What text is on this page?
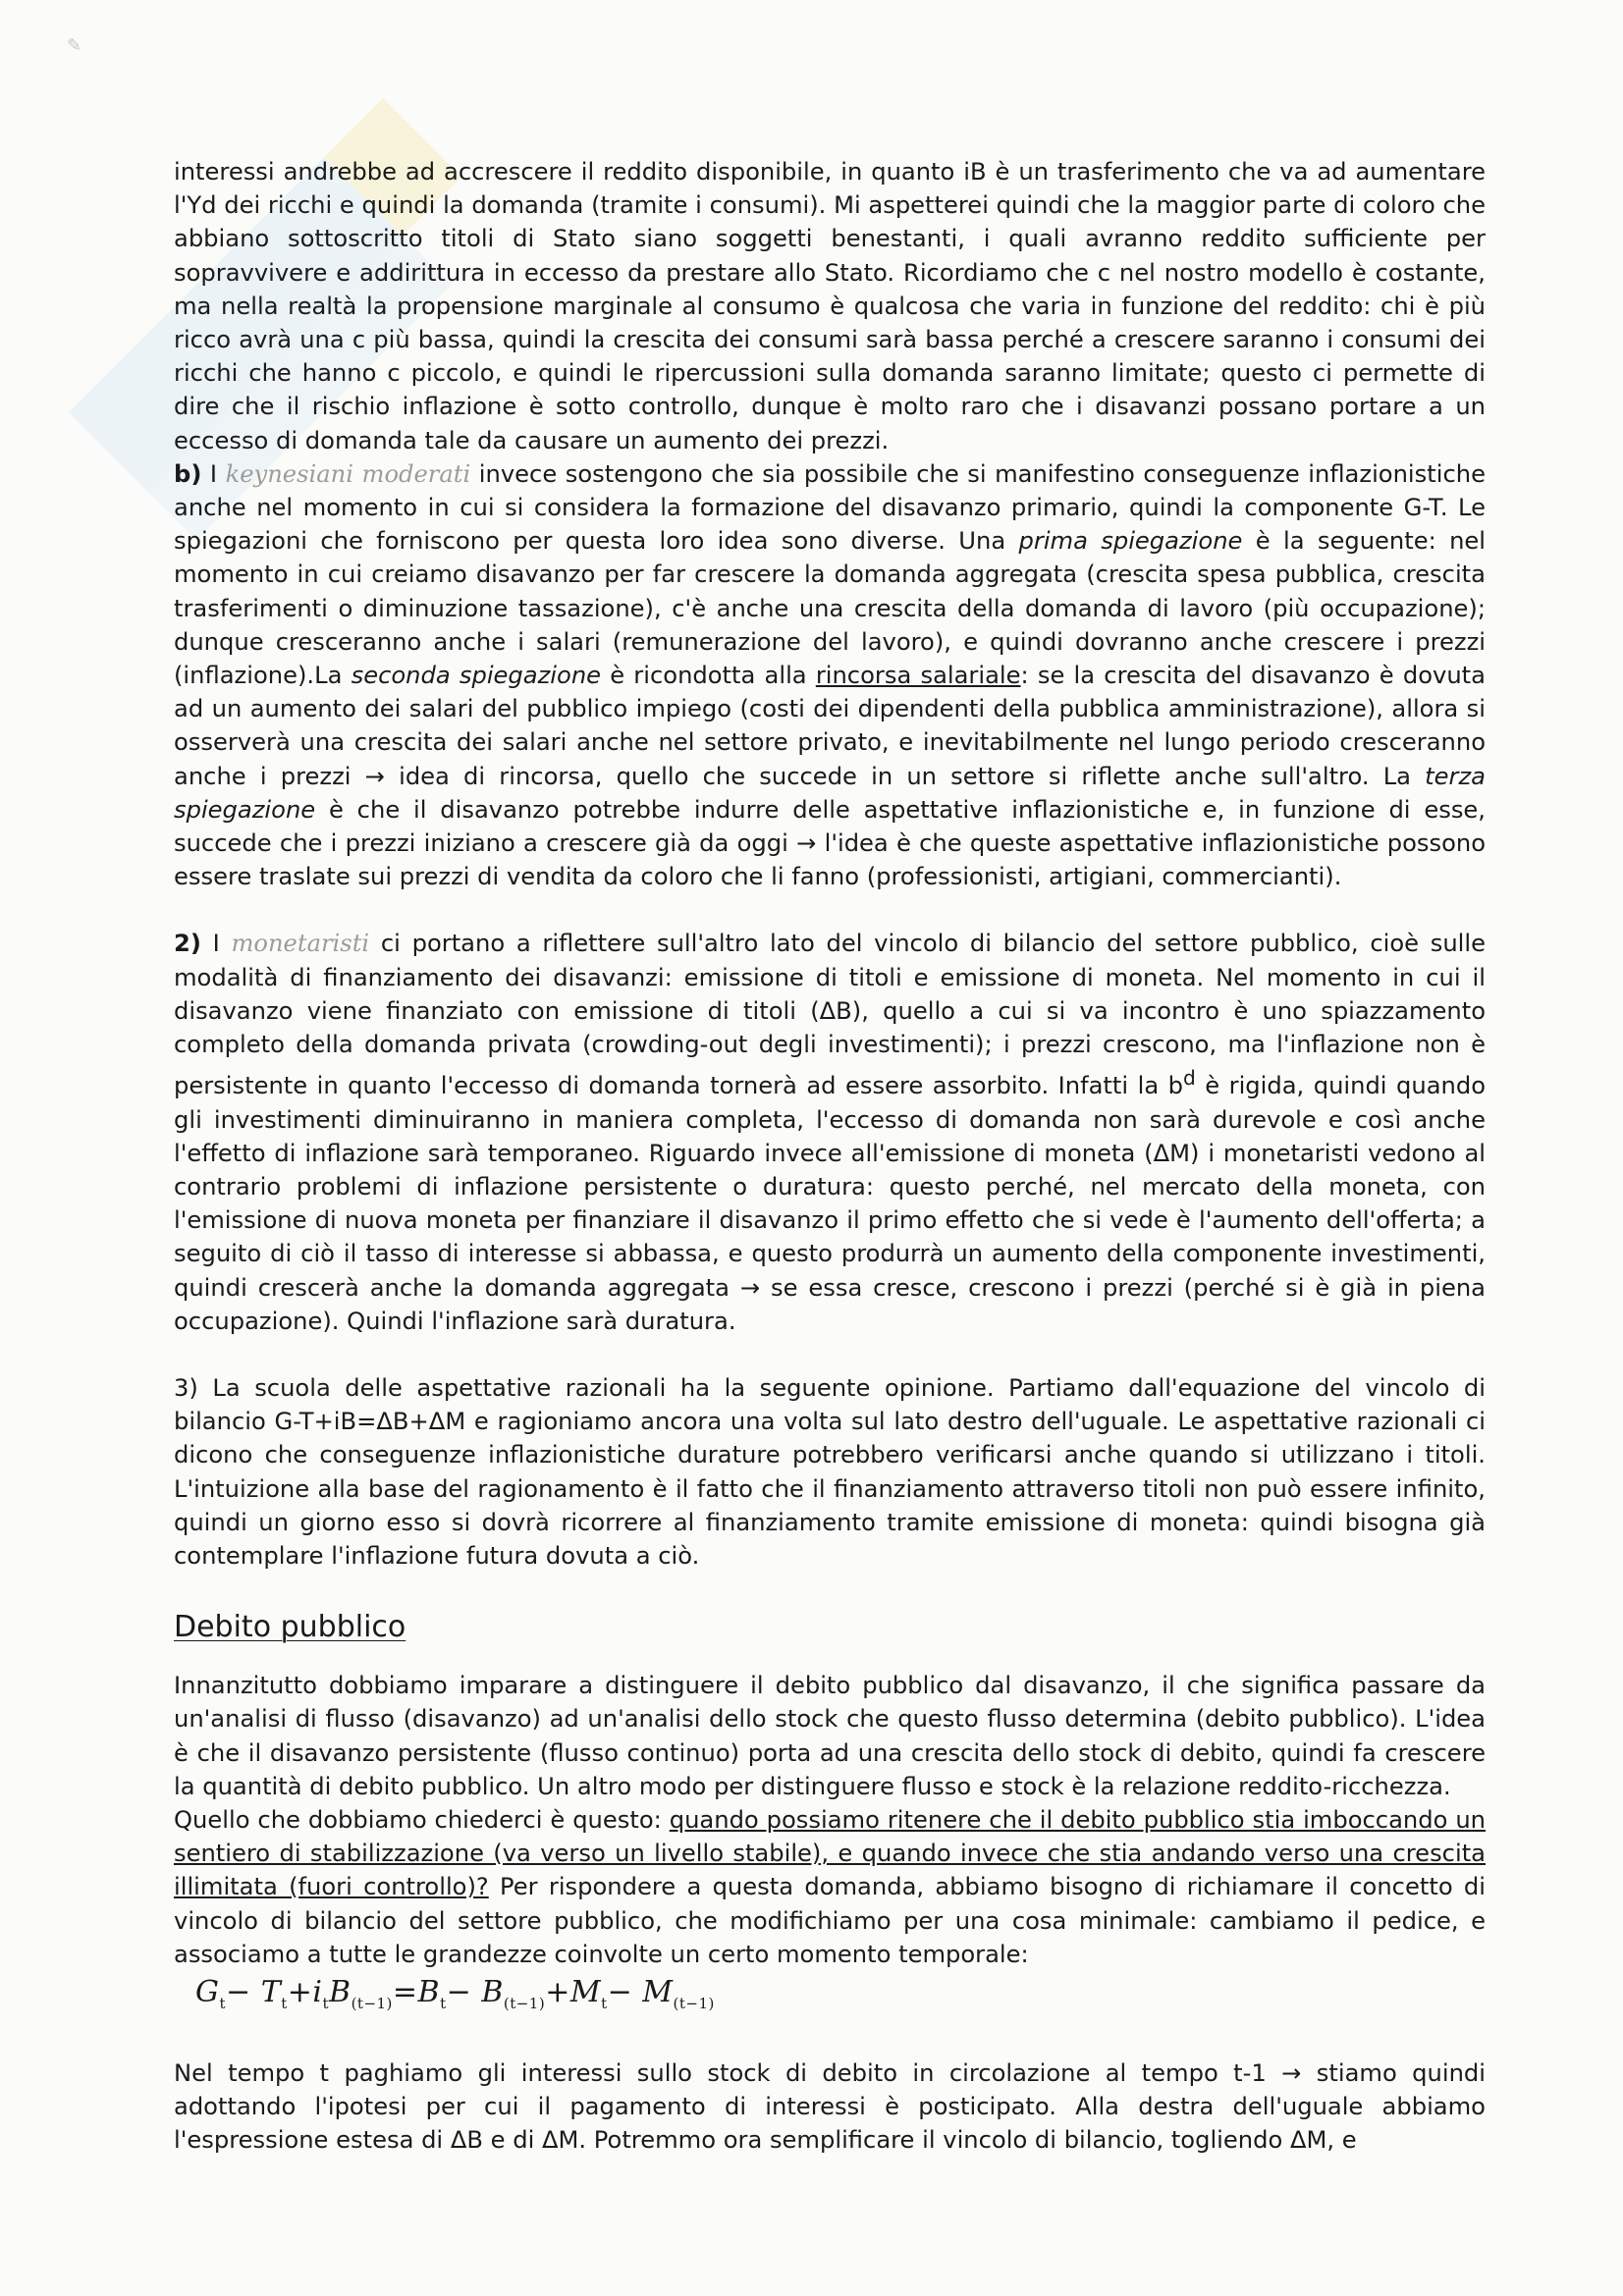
✎

interessi andrebbe ad accrescere il reddito disponibile, in quanto iB è un trasferimento che va ad aumentare l'Yd dei ricchi e quindi la domanda (tramite i consumi). Mi aspetterei quindi che la maggior parte di coloro che abbiano sottoscritto titoli di Stato siano soggetti benestanti, i quali avranno reddito sufficiente per sopravvivere e addirittura in eccesso da prestare allo Stato. Ricordiamo che c nel nostro modello è costante, ma nella realtà la propensione marginale al consumo è qualcosa che varia in funzione del reddito: chi è più ricco avrà una c più bassa, quindi la crescita dei consumi sarà bassa perché a crescere saranno i consumi dei ricchi che hanno c piccolo, e quindi le ripercussioni sulla domanda saranno limitate; questo ci permette di dire che il rischio inflazione è sotto controllo, dunque è molto raro che i disavanzi possano portare a un eccesso di domanda tale da causare un aumento dei prezzi.

b) I keynesiani moderati invece sostengono che sia possibile che si manifestino conseguenze inflazionistiche anche nel momento in cui si considera la formazione del disavanzo primario, quindi la componente G-T. Le spiegazioni che forniscono per questa loro idea sono diverse. Una prima spiegazione è la seguente: nel momento in cui creiamo disavanzo per far crescere la domanda aggregata (crescita spesa pubblica, crescita trasferimenti o diminuzione tassazione), c'è anche una crescita della domanda di lavoro (più occupazione); dunque cresceranno anche i salari (remunerazione del lavoro), e quindi dovranno anche crescere i prezzi (inflazione).La seconda spiegazione è ricondotta alla rincorsa salariale: se la crescita del disavanzo è dovuta ad un aumento dei salari del pubblico impiego (costi dei dipendenti della pubblica amministrazione), allora si osserverà una crescita dei salari anche nel settore privato, e inevitabilmente nel lungo periodo cresceranno anche i prezzi → idea di rincorsa, quello che succede in un settore si riflette anche sull'altro. La terza spiegazione è che il disavanzo potrebbe indurre delle aspettative inflazionistiche e, in funzione di esse, succede che i prezzi iniziano a crescere già da oggi → l'idea è che queste aspettative inflazionistiche possono essere traslate sui prezzi di vendita da coloro che li fanno (professionisti, artigiani, commercianti).

2) I monetaristi ci portano a riflettere sull'altro lato del vincolo di bilancio del settore pubblico, cioè sulle modalità di finanziamento dei disavanzi: emissione di titoli e emissione di moneta. Nel momento in cui il disavanzo viene finanziato con emissione di titoli (ΔB), quello a cui si va incontro è uno spiazzamento completo della domanda privata (crowding-out degli investimenti); i prezzi crescono, ma l'inflazione non è persistente in quanto l'eccesso di domanda tornerà ad essere assorbito. Infatti la $b^d$ è rigida, quindi quando gli investimenti diminuiranno in maniera completa, l'eccesso di domanda non sarà durevole e così anche l'effetto di inflazione sarà temporaneo. Riguardo invece all'emissione di moneta (ΔM) i monetaristi vedono al contrario problemi di inflazione persistente o duratura: questo perché, nel mercato della moneta, con l'emissione di nuova moneta per finanziare il disavanzo il primo effetto che si vede è l'aumento dell'offerta; a seguito di ciò il tasso di interesse si abbassa, e questo produrrà un aumento della componente investimenti, quindi crescerà anche la domanda aggregata → se essa cresce, crescono i prezzi (perché si è già in piena occupazione). Quindi l'inflazione sarà duratura.

3) La scuola delle aspettative razionali ha la seguente opinione. Partiamo dall'equazione del vincolo di bilancio G-T+iB=ΔB+ΔM e ragioniamo ancora una volta sul lato destro dell'uguale. Le aspettative razionali ci dicono che conseguenze inflazionistiche durature potrebbero verificarsi anche quando si utilizzano i titoli. L'intuizione alla base del ragionamento è il fatto che il finanziamento attraverso titoli non può essere infinito, quindi un giorno esso si dovrà ricorrere al finanziamento tramite emissione di moneta: quindi bisogna già contemplare l'inflazione futura dovuta a ciò.

Debito pubblico

Innanzitutto dobbiamo imparare a distinguere il debito pubblico dal disavanzo, il che significa passare da un'analisi di flusso (disavanzo) ad un'analisi dello stock che questo flusso determina (debito pubblico). L'idea è che il disavanzo persistente (flusso continuo) porta ad una crescita dello stock di debito, quindi fa crescere la quantità di debito pubblico. Un altro modo per distinguere flusso e stock è la relazione reddito-ricchezza.

Quello che dobbiamo chiederci è questo: quando possiamo ritenere che il debito pubblico stia imboccando un sentiero di stabilizzazione (va verso un livello stabile), e quando invece che stia andando verso una crescita illimitata (fuori controllo)? Per rispondere a questa domanda, abbiamo bisogno di richiamare il concetto di vincolo di bilancio del settore pubblico, che modifichiamo per una cosa minimale: cambiamo il pedice, e associamo a tutte le grandezze coinvolte un certo momento temporale:

$G_t- T_t+i_tB_{(t-1)}=B_t- B_{(t-1)}+M_t- M_{(t-1)}$

Nel tempo t paghiamo gli interessi sullo stock di debito in circolazione al tempo t-1 → stiamo quindi adottando l'ipotesi per cui il pagamento di interessi è posticipato. Alla destra dell'uguale abbiamo l'espressione estesa di ΔB e di ΔM. Potremmo ora semplificare il vincolo di bilancio, togliendo ΔM, e
